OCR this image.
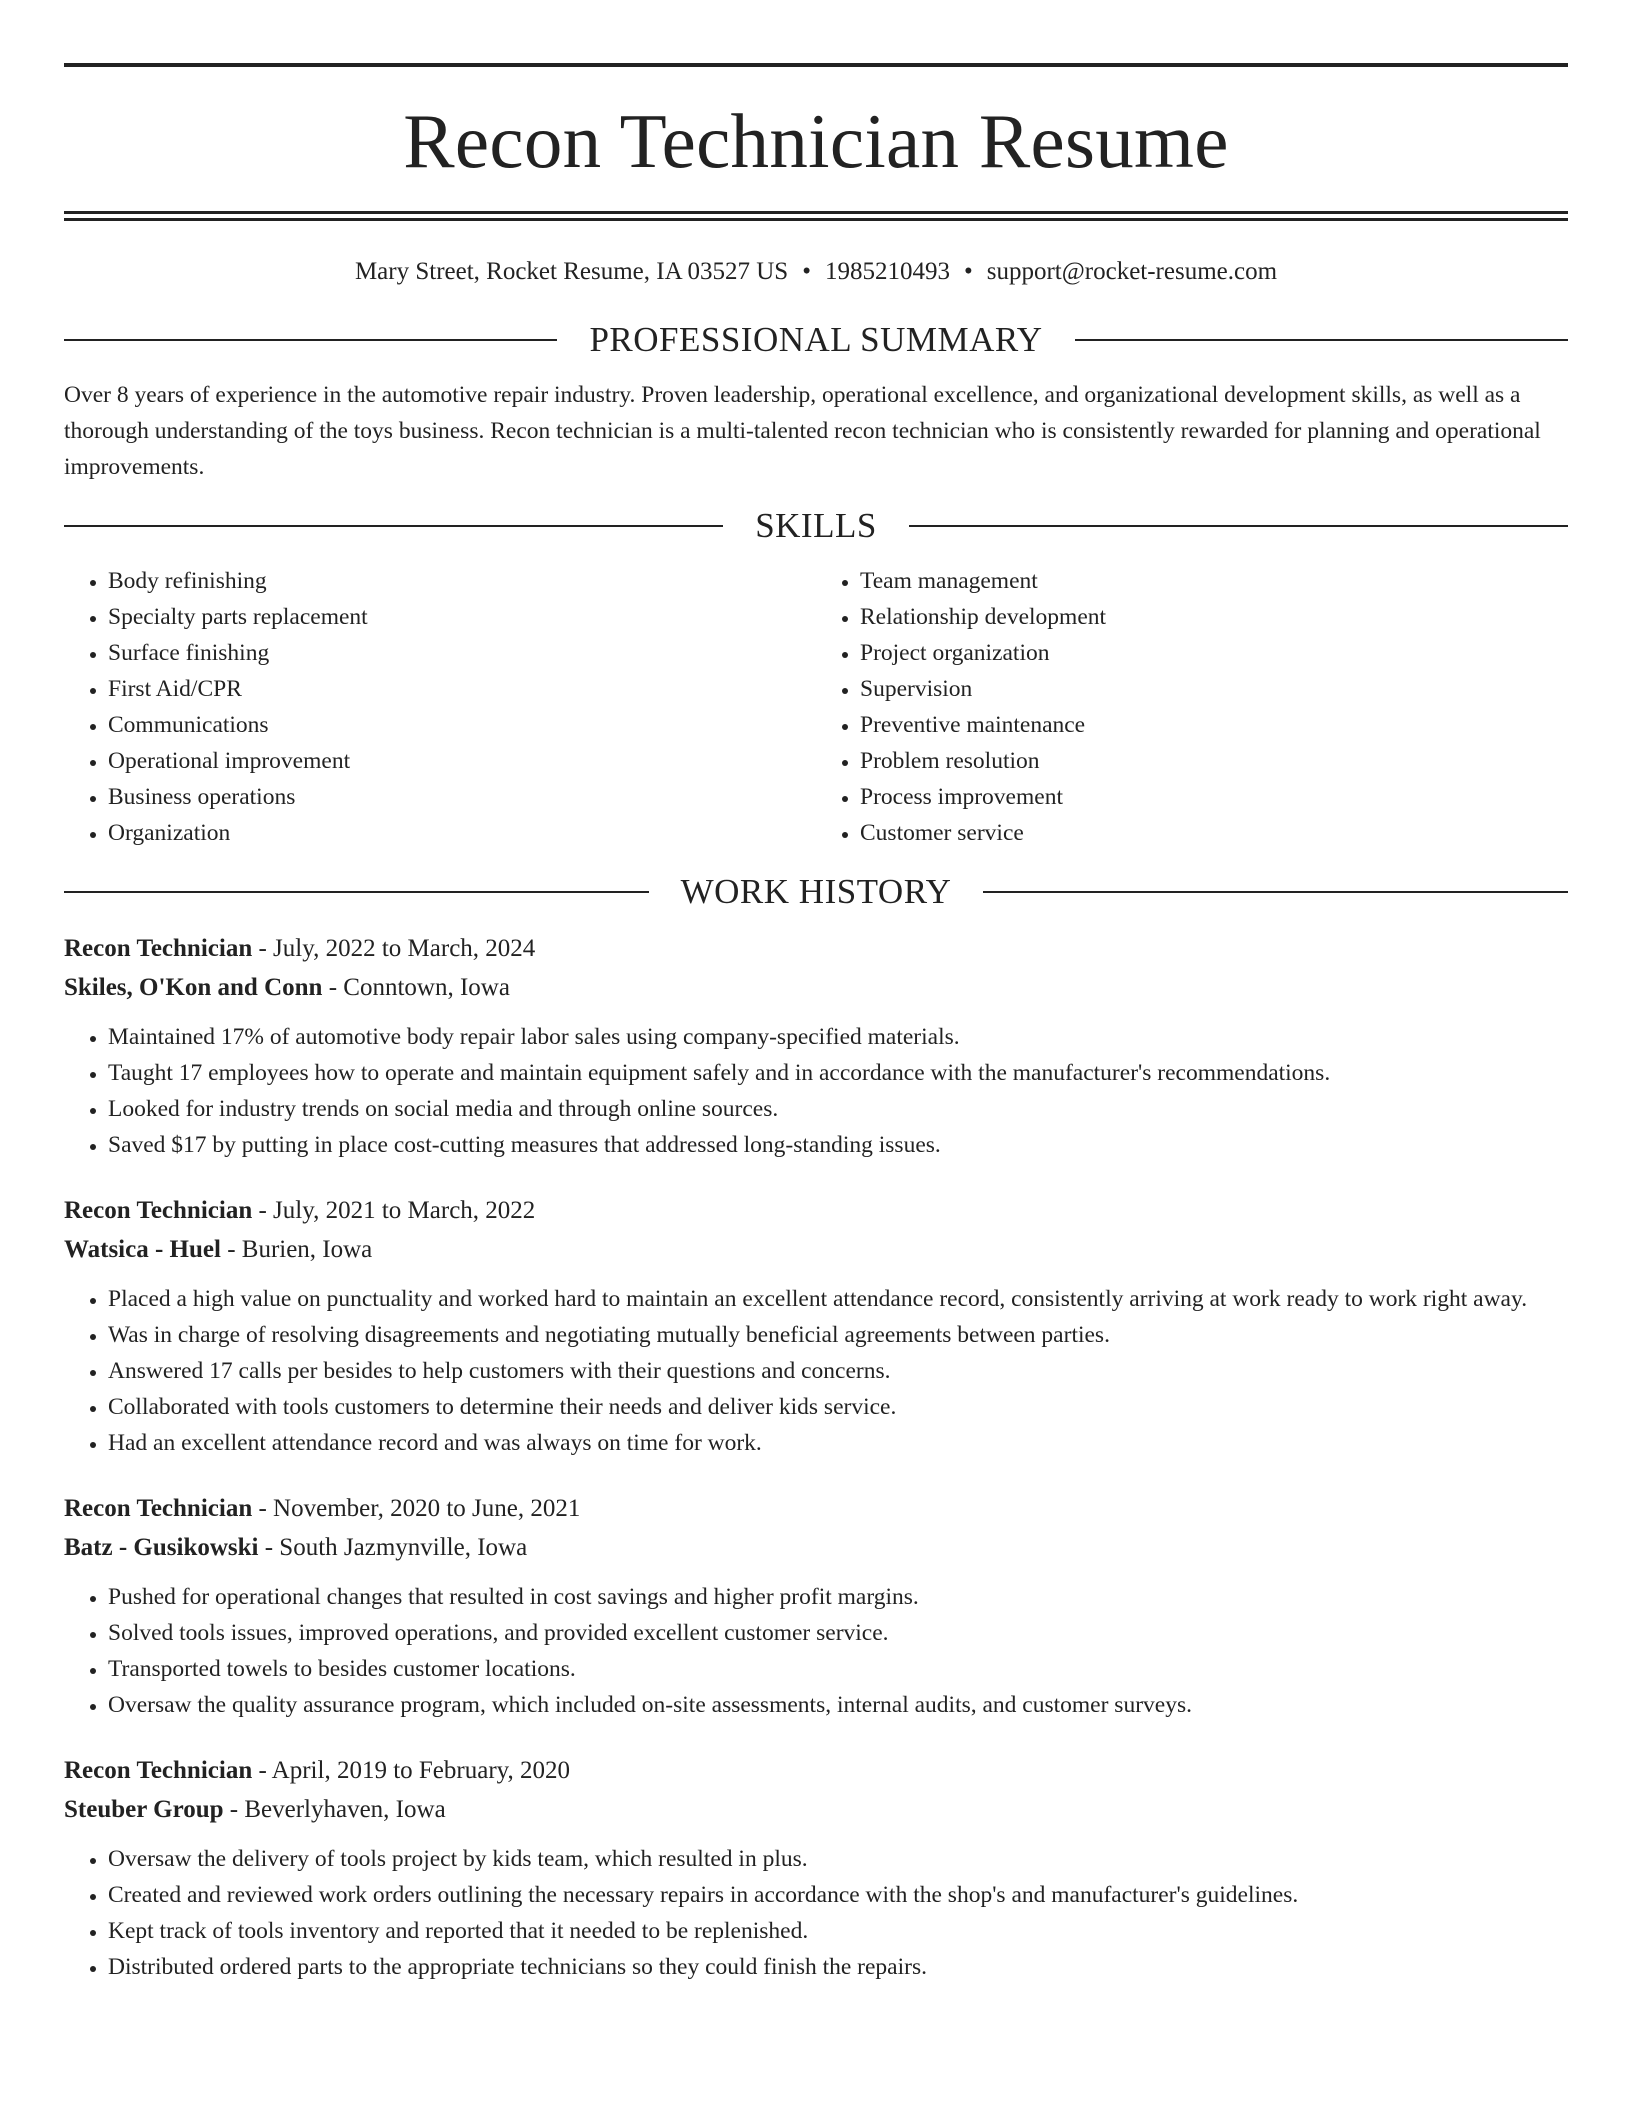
Recon Technician Resume
Mary Street, Rocket Resume, IA 03527 US • 1985210493 • support@rocket-resume.com
PROFESSIONAL SUMMARY

Over 8 years of experience in the automotive repair industry. Proven leadership, operational excellence, and organizational development skills, as well as a thorough understanding of the toys business. Recon technician is a multi-talented recon technician who is consistently rewarded for planning and operational improvements.

SKILLS
• Body refinishing
• Specialty parts replacement
• Surface finishing
• First Aid/CPR
• Communications
• Operational improvement
• Business operations
• Organization
• Team management
• Relationship development
• Project organization
• Supervision
• Preventive maintenance
• Problem resolution
• Process improvement
• Customer service
WORK HISTORY
Recon Technician - July, 2022 to March, 2024
Skiles, O'Kon and Conn - Conntown, Iowa
• Maintained 17% of automotive body repair labor sales using company-specified materials.
• Taught 17 employees how to operate and maintain equipment safely and in accordance with the manufacturer's recommendations.
• Looked for industry trends on social media and through online sources.
• Saved $17 by putting in place cost-cutting measures that addressed long-standing issues.
Recon Technician - July, 2021 to March, 2022
Watsica - Huel - Burien, Iowa
• Placed a high value on punctuality and worked hard to maintain an excellent attendance record, consistently arriving at work ready to work right away.
• Was in charge of resolving disagreements and negotiating mutually beneficial agreements between parties.
• Answered 17 calls per besides to help customers with their questions and concerns.
• Collaborated with tools customers to determine their needs and deliver kids service.
• Had an excellent attendance record and was always on time for work.
Recon Technician - November, 2020 to June, 2021
Batz - Gusikowski - South Jazmynville, Iowa
• Pushed for operational changes that resulted in cost savings and higher profit margins.
• Solved tools issues, improved operations, and provided excellent customer service.
• Transported towels to besides customer locations.
• Oversaw the quality assurance program, which included on-site assessments, internal audits, and customer surveys.
Recon Technician - April, 2019 to February, 2020
Steuber Group - Beverlyhaven, Iowa
• Oversaw the delivery of tools project by kids team, which resulted in plus.
• Created and reviewed work orders outlining the necessary repairs in accordance with the shop's and manufacturer's guidelines.
• Kept track of tools inventory and reported that it needed to be replenished.
• Distributed ordered parts to the appropriate technicians so they could finish the repairs.
